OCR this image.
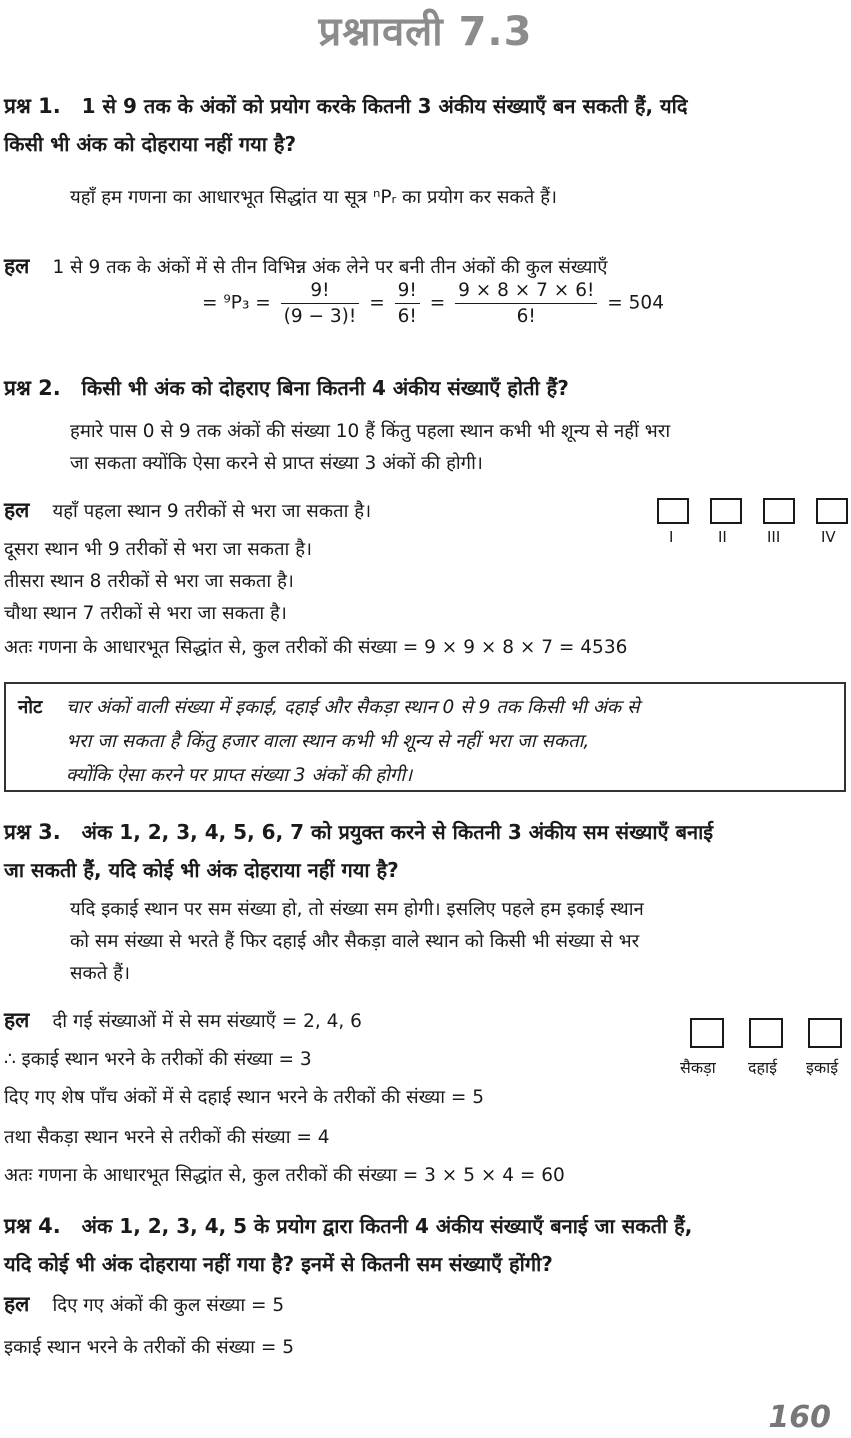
प्रश्नावली 7.3
प्रश्न 1. 1 से 9 तक के अंकों को प्रयोग करके कितनी 3 अंकीय संख्याएँ बन सकती हैं, यदि
किसी भी अंक को दोहराया नहीं गया है?
यहाँ हम गणना का आधारभूत सिद्धांत या सूत्र ⁿPᵣ का प्रयोग कर सकते हैं।
हल 1 से 9 तक के अंकों में से तीन विभिन्न अंक लेने पर बनी तीन अंकों की कुल संख्याएँ
= $^9P_3 = \frac{9!}{(9 - 3)!} = \frac{9!}{6!} = \frac{9 \times 8 \times 7 \times 6!}{6!} = 504$
प्रश्न 2. किसी भी अंक को दोहराए बिना कितनी 4 अंकीय संख्याएँ होती हैं?
हमारे पास 0 से 9 तक अंकों की संख्या 10 हैं किंतु पहला स्थान कभी भी शून्य से नहीं भरा
जा सकता क्योंकि ऐसा करने से प्राप्त संख्या 3 अंकों की होगी।
हल यहाँ पहला स्थान 9 तरीकों से भरा जा सकता है।
दूसरा स्थान भी 9 तरीकों से भरा जा सकता है।
तीसरा स्थान 8 तरीकों से भरा जा सकता है।
चौथा स्थान 7 तरीकों से भरा जा सकता है।
अतः गणना के आधारभूत सिद्धांत से, कुल तरीकों की संख्या = 9 × 9 × 8 × 7 = 4536
I	II	III	IV
नोट चार अंकों वाली संख्या में इकाई, दहाई और सैकड़ा स्थान 0 से 9 तक किसी भी अंक से
भरा जा सकता है किंतु हजार वाला स्थान कभी भी शून्य से नहीं भरा जा सकता,
क्योंकि ऐसा करने पर प्राप्त संख्या 3 अंकों की होगी।
प्रश्न 3. अंक 1, 2, 3, 4, 5, 6, 7 को प्रयुक्त करने से कितनी 3 अंकीय सम संख्याएँ बनाई
जा सकती हैं, यदि कोई भी अंक दोहराया नहीं गया है?
यदि इकाई स्थान पर सम संख्या हो, तो संख्या सम होगी। इसलिए पहले हम इकाई स्थान
को सम संख्या से भरते हैं फिर दहाई और सैकड़ा वाले स्थान को किसी भी संख्या से भर
सकते हैं।
हल दी गई संख्याओं में से सम संख्याएँ = 2, 4, 6
∴ इकाई स्थान भरने के तरीकों की संख्या = 3
दिए गए शेष पाँच अंकों में से दहाई स्थान भरने के तरीकों की संख्या = 5
तथा सैकड़ा स्थान भरने से तरीकों की संख्या = 4
अतः गणना के आधारभूत सिद्धांत से, कुल तरीकों की संख्या = 3 × 5 × 4 = 60
सैकड़ा दहाई इकाई
प्रश्न 4. अंक 1, 2, 3, 4, 5 के प्रयोग द्वारा कितनी 4 अंकीय संख्याएँ बनाई जा सकती हैं,
यदि कोई भी अंक दोहराया नहीं गया है? इनमें से कितनी सम संख्याएँ होंगी?
हल दिए गए अंकों की कुल संख्या = 5
इकाई स्थान भरने के तरीकों की संख्या = 5
160
